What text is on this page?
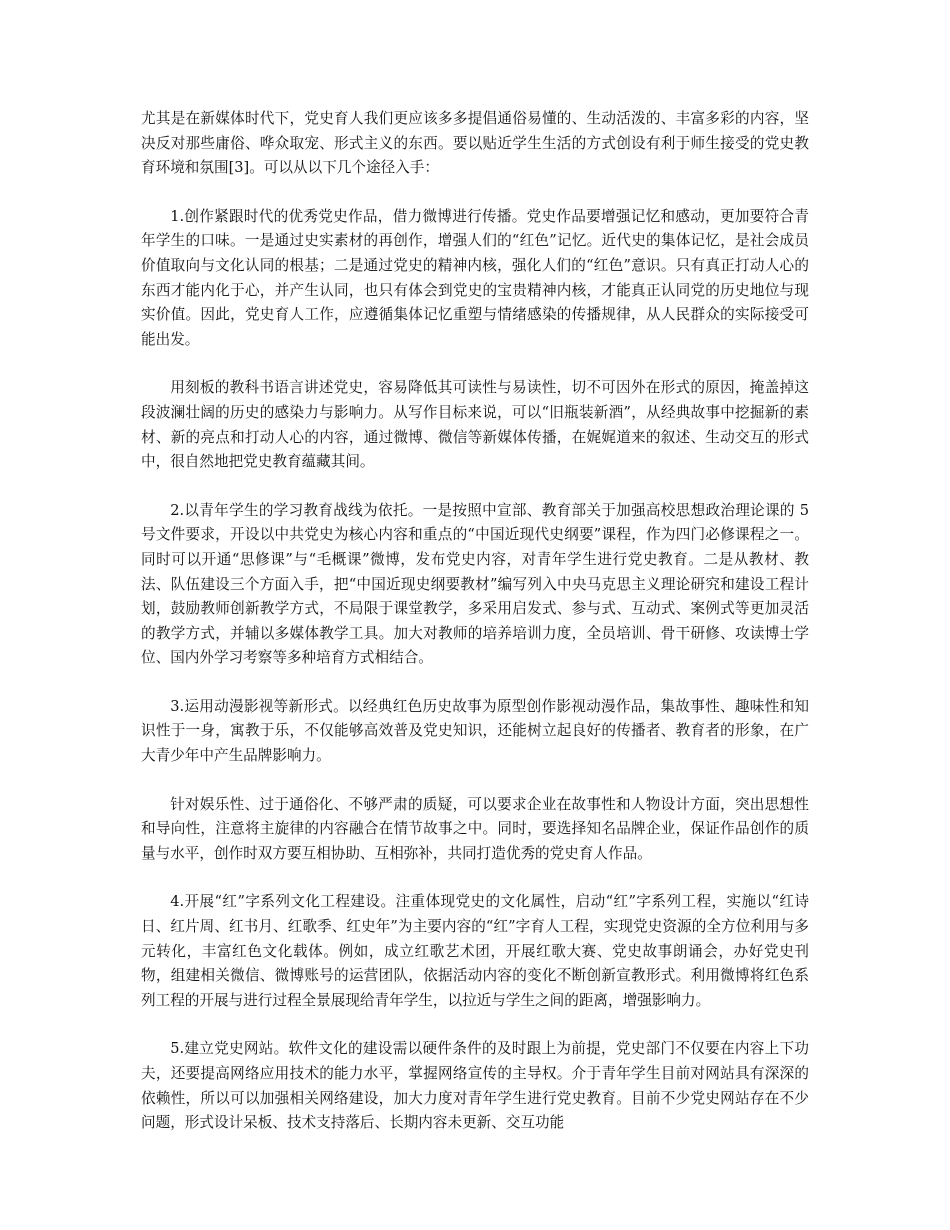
尤其是在新媒体时代下，党史育人我们更应该多多提倡通俗易懂的、生动活泼的、丰富多彩的内容，坚决反对那些庸俗、哗众取宠、形式主义的东西。要以贴近学生生活的方式创设有利于师生接受的党史教育环境和氛围[3]。可以从以下几个途径入手：

1.创作紧跟时代的优秀党史作品，借力微博进行传播。党史作品要增强记忆和感动，更加要符合青年学生的口味。一是通过史实素材的再创作，增强人们的“红色”记忆。近代史的集体记忆，是社会成员价值取向与文化认同的根基；二是通过党史的精神内核，强化人们的“红色”意识。只有真正打动人心的东西才能内化于心，并产生认同，也只有体会到党史的宝贵精神内核，才能真正认同党的历史地位与现实价值。因此，党史育人工作，应遵循集体记忆重塑与情绪感染的传播规律，从人民群众的实际接受可能出发。

用刻板的教科书语言讲述党史，容易降低其可读性与易读性，切不可因外在形式的原因，掩盖掉这段波澜壮阔的历史的感染力与影响力。从写作目标来说，可以“旧瓶装新酒”，从经典故事中挖掘新的素材、新的亮点和打动人心的内容，通过微博、微信等新媒体传播，在娓娓道来的叙述、生动交互的形式中，很自然地把党史教育蕴藏其间。

2.以青年学生的学习教育战线为依托。一是按照中宣部、教育部关于加强高校思想政治理论课的 5 号文件要求，开设以中共党史为核心内容和重点的“中国近现代史纲要”课程，作为四门必修课程之一。同时可以开通“思修课”与“毛概课”微博，发布党史内容，对青年学生进行党史教育。二是从教材、教法、队伍建设三个方面入手，把“中国近现史纲要教材”编写列入中央马克思主义理论研究和建设工程计划，鼓励教师创新教学方式，不局限于课堂教学，多采用启发式、参与式、互动式、案例式等更加灵活的教学方式，并辅以多媒体教学工具。加大对教师的培养培训力度，全员培训、骨干研修、攻读博士学位、国内外学习考察等多种培育方式相结合。

3.运用动漫影视等新形式。以经典红色历史故事为原型创作影视动漫作品，集故事性、趣味性和知识性于一身，寓教于乐，不仅能够高效普及党史知识，还能树立起良好的传播者、教育者的形象，在广大青少年中产生品牌影响力。

针对娱乐性、过于通俗化、不够严肃的质疑，可以要求企业在故事性和人物设计方面，突出思想性和导向性，注意将主旋律的内容融合在情节故事之中。同时，要选择知名品牌企业，保证作品创作的质量与水平，创作时双方要互相协助、互相弥补，共同打造优秀的党史育人作品。

4.开展“红”字系列文化工程建设。注重体现党史的文化属性，启动“红”字系列工程，实施以“红诗日、红片周、红书月、红歌季、红史年”为主要内容的“红”字育人工程，实现党史资源的全方位利用与多元转化，丰富红色文化载体。例如，成立红歌艺术团，开展红歌大赛、党史故事朗诵会，办好党史刊物，组建相关微信、微博账号的运营团队，依据活动内容的变化不断创新宣教形式。利用微博将红色系列工程的开展与进行过程全景展现给青年学生，以拉近与学生之间的距离，增强影响力。

5.建立党史网站。软件文化的建设需以硬件条件的及时跟上为前提，党史部门不仅要在内容上下功夫，还要提高网络应用技术的能力水平，掌握网络宣传的主导权。介于青年学生目前对网站具有深深的依赖性，所以可以加强相关网络建设，加大力度对青年学生进行党史教育。目前不少党史网站存在不少问题，形式设计呆板、技术支持落后、长期内容未更新、交互功能
